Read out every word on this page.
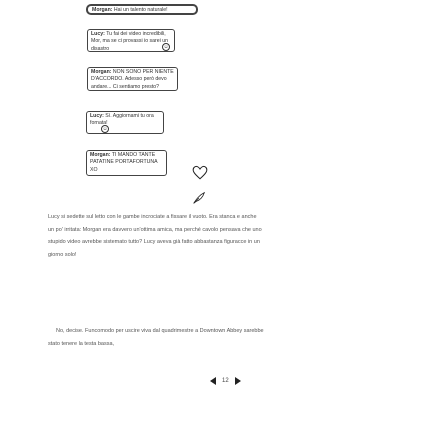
Morgan: Hai un talento naturale!
Lucy: Tu fai dei video incredibili, Mor, ma se ci provassi io sarei un disastro	☺
Morgan: NON SONO PER NIENTE D'ACCORDO. Adesso però devo andare... Ci sentiamo presto?
Lucy: Sì. Aggiornami tu ora fornata!
☺
Morgan: TI MANDO TANTE PATATINE PORTAFORTUNA XO

Lucy si sedette sul letto con le gambe incrociate a fissare il vuoto. Era stanca e anche un po' irritata: Morgan era davvero un'ottima amica, ma perché cavolo pensava che uno stupido video avrebbe sistemato tutto? Lucy aveva già fatto abbastanza figuracce in un giorno solo!

No, decise. Funcomodo per uscire viva dal quadrimestre a Downtown Abbey sarebbe stato tenere la testa bassa,

12
